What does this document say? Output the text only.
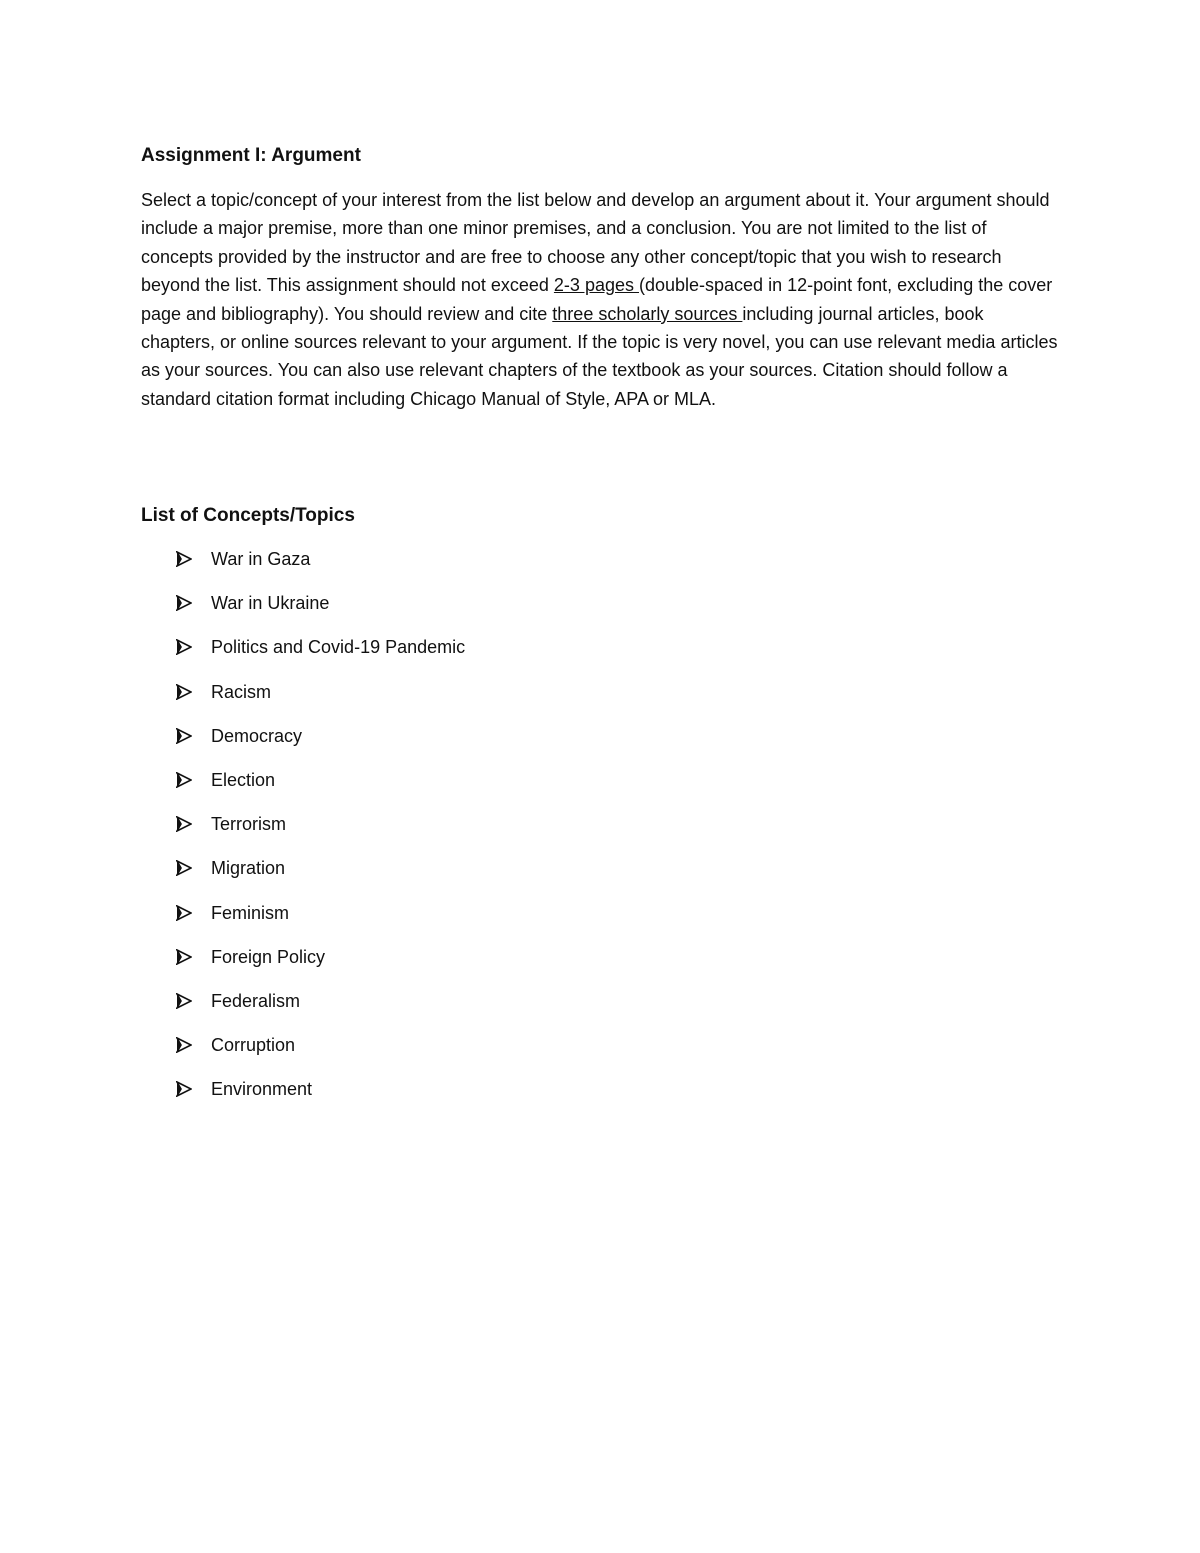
Assignment I: Argument

Select a topic/concept of your interest from the list below and develop an argument about it. Your argument should include a major premise, more than one minor premises, and a conclusion. You are not limited to the list of concepts provided by the instructor and are free to choose any other concept/topic that you wish to research beyond the list. This assignment should not exceed 2-3 pages (double-spaced in 12-point font, excluding the cover page and bibliography). You should review and cite three scholarly sources including journal articles, book chapters, or online sources relevant to your argument. If the topic is very novel, you can use relevant media articles as your sources. You can also use relevant chapters of the textbook as your sources. Citation should follow a standard citation format including Chicago Manual of Style, APA or MLA.

List of Concepts/Topics
War in Gaza
War in Ukraine
Politics and Covid-19 Pandemic
Racism
Democracy
Election
Terrorism
Migration
Feminism
Foreign Policy
Federalism
Corruption
Environment
